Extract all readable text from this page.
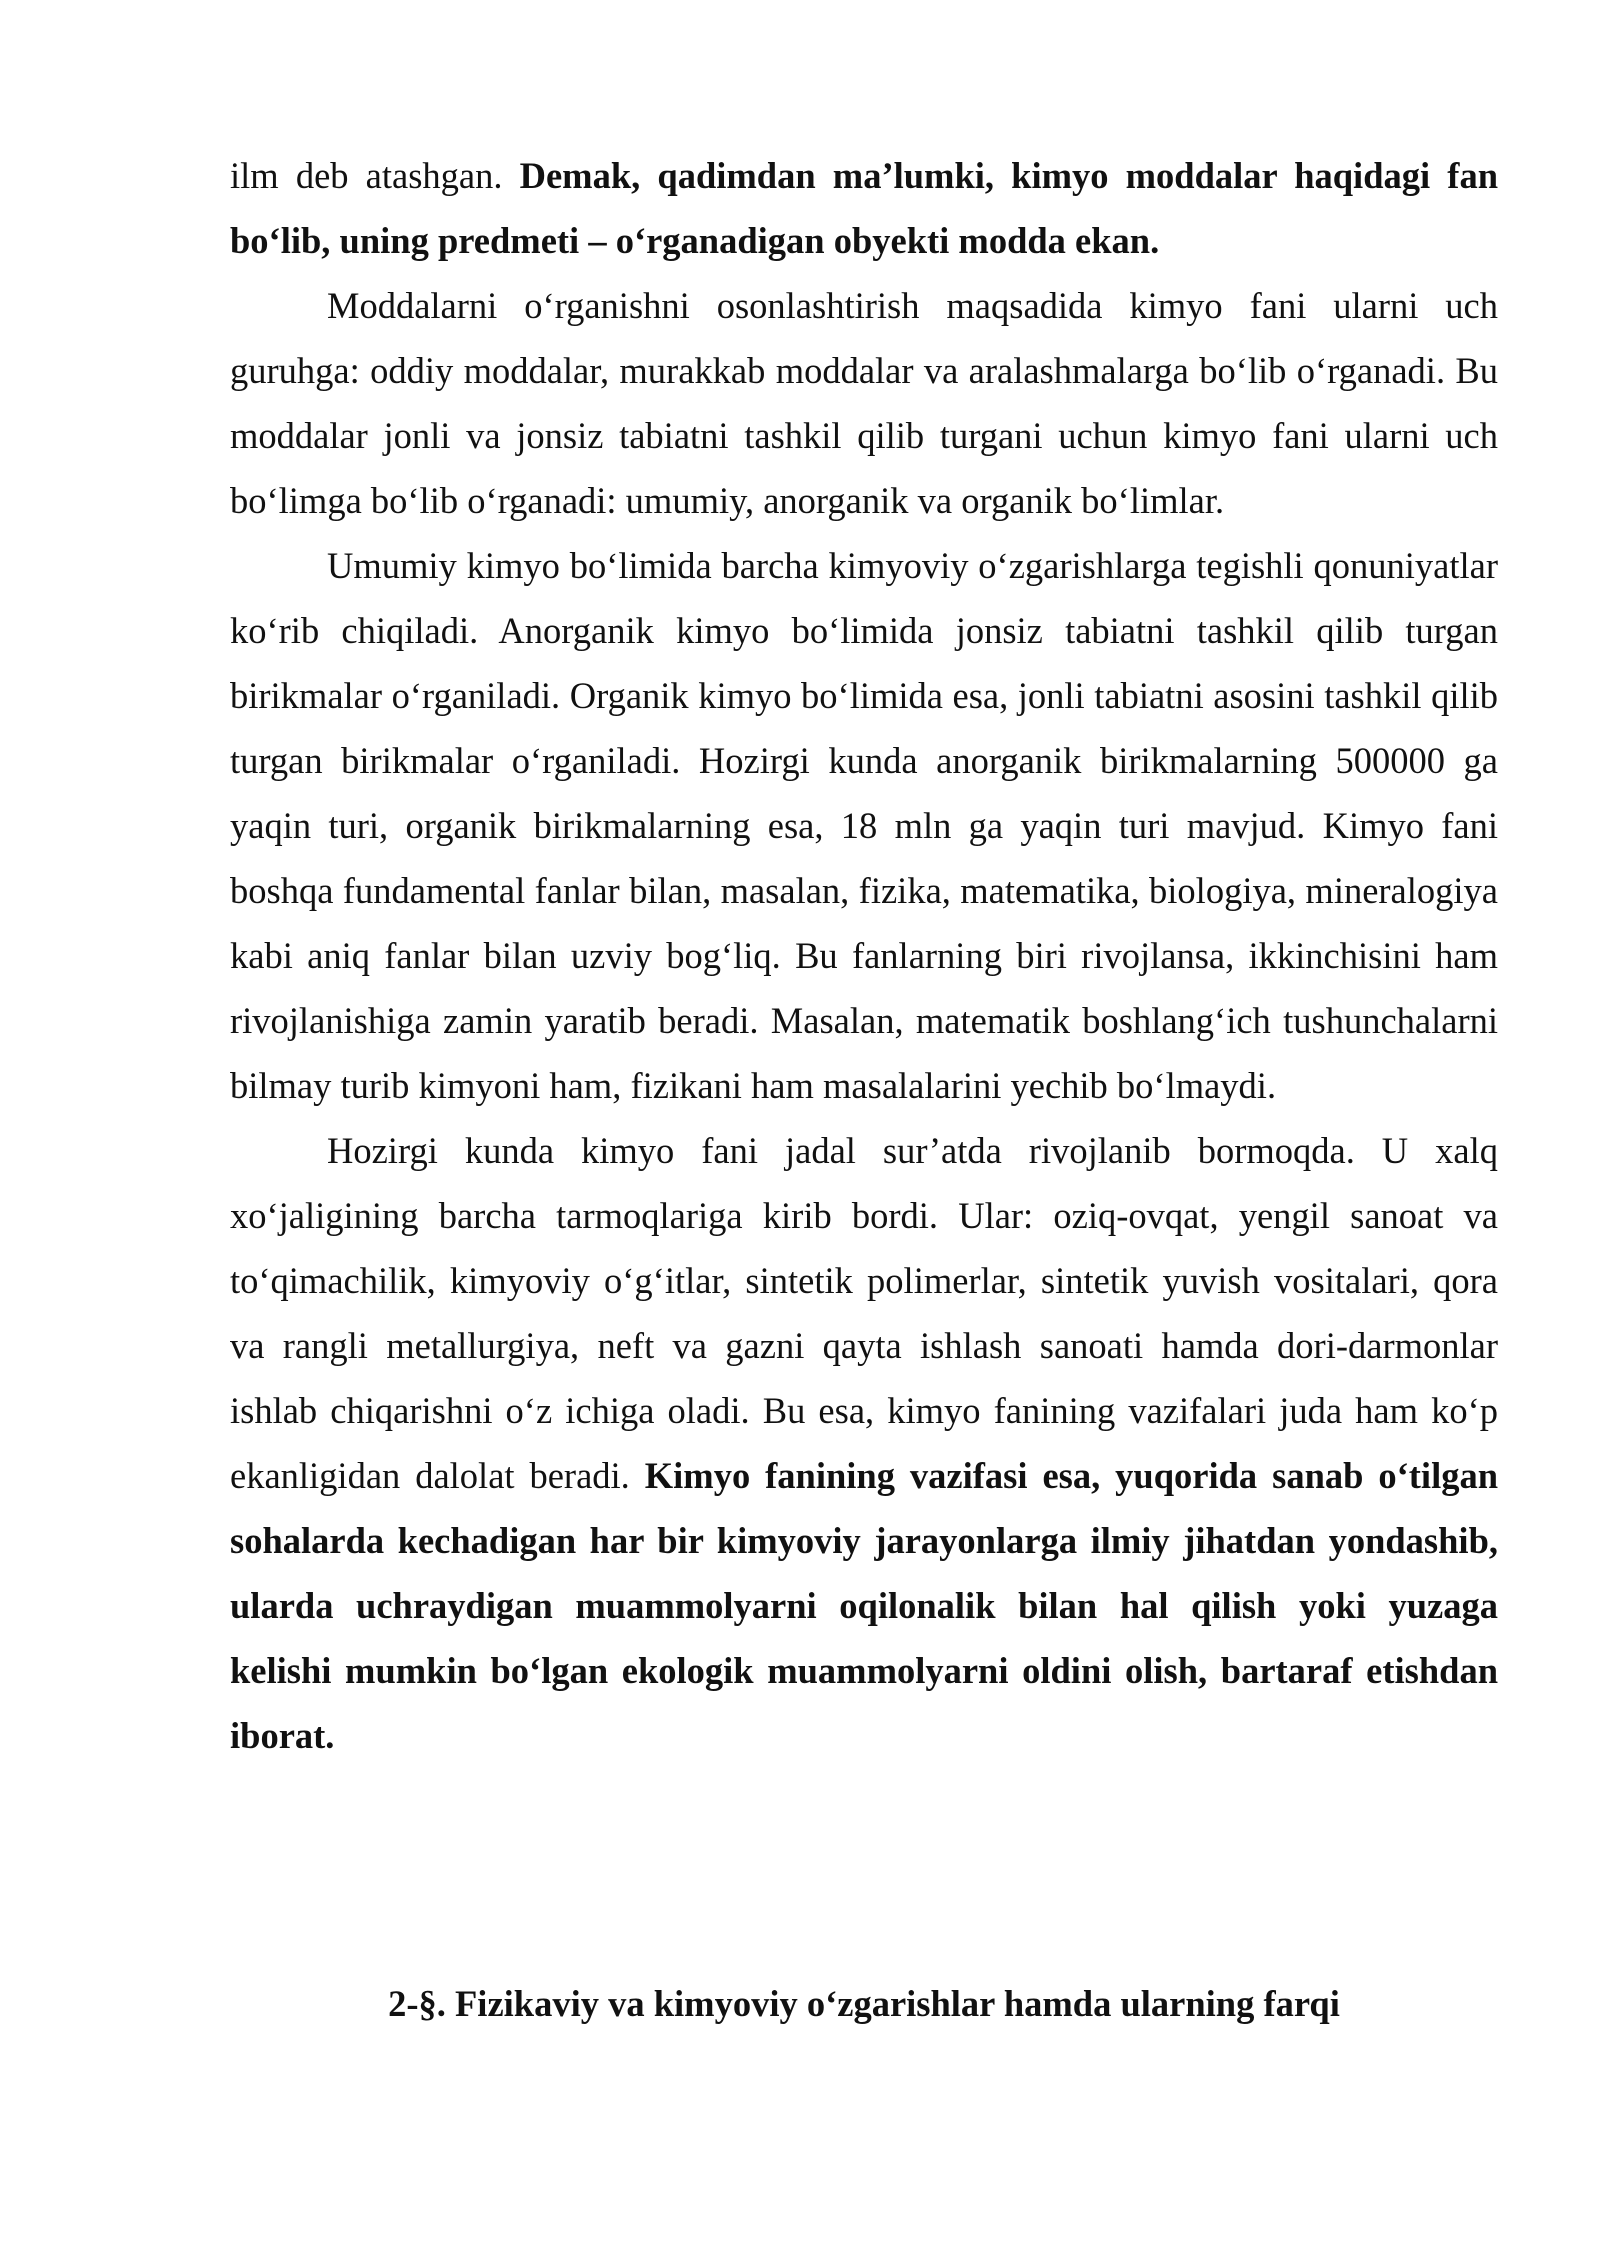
ilm deb atashgan. Demak, qadimdan ma’lumki, kimyo moddalar haqidagi fan bo‘lib, uning predmeti – o‘rganadigan obyekti modda ekan.

Moddalarni o‘rganishni osonlashtirish maqsadida kimyo fani ularni uch guruhga: oddiy moddalar, murakkab moddalar va aralashmalarga bo‘lib o‘rganadi. Bu moddalar jonli va jonsiz tabiatni tashkil qilib turgani uchun kimyo fani ularni uch bo‘limga bo‘lib o‘rganadi: umumiy, anorganik va organik bo‘limlar.

Umumiy kimyo bo‘limida barcha kimyoviy o‘zgarishlarga tegishli qonuniyatlar ko‘rib chiqiladi. Anorganik kimyo bo‘limida jonsiz tabiatni tashkil qilib turgan birikmalar o‘rganiladi. Organik kimyo bo‘limida esa, jonli tabiatni asosini tashkil qilib turgan birikmalar o‘rganiladi. Hozirgi kunda anorganik birikmalarning 500000 ga yaqin turi, organik birikmalarning esa, 18 mln ga yaqin turi mavjud. Kimyo fani boshqa fundamental fanlar bilan, masalan, fizika, matematika, biologiya, mineralogiya kabi aniq fanlar bilan uzviy bog‘liq. Bu fanlarning biri rivojlansa, ikkinchisini ham rivojlanishiga zamin yaratib beradi. Masalan, matematik boshlang‘ich tushunchalarni bilmay turib kimyoni ham, fizikani ham masalalarini yechib bo‘lmaydi.

Hozirgi kunda kimyo fani jadal sur’atda rivojlanib bormoqda. U xalq xo‘jaligining barcha tarmoqlariga kirib bordi. Ular: oziq-ovqat, yengil sanoat va to‘qimachilik, kimyoviy o‘g‘itlar, sintetik polimerlar, sintetik yuvish vositalari, qora va rangli metallurgiya, neft va gazni qayta ishlash sanoati hamda dori-darmonlar ishlab chiqarishni o‘z ichiga oladi. Bu esa, kimyo fanining vazifalari juda ham ko‘p ekanligidan dalolat beradi. Kimyo fanining vazifasi esa, yuqorida sanab o‘tilgan sohalarda kechadigan har bir kimyoviy jarayonlarga ilmiy jihatdan yondashib, ularda uchraydigan muammolyarni oqilonalik bilan hal qilish yoki yuzaga kelishi mumkin bo‘lgan ekologik muammolyarni oldini olish, bartaraf etishdan iborat.

2-§. Fizikaviy va kimyoviy o‘zgarishlar hamda ularning farqi
